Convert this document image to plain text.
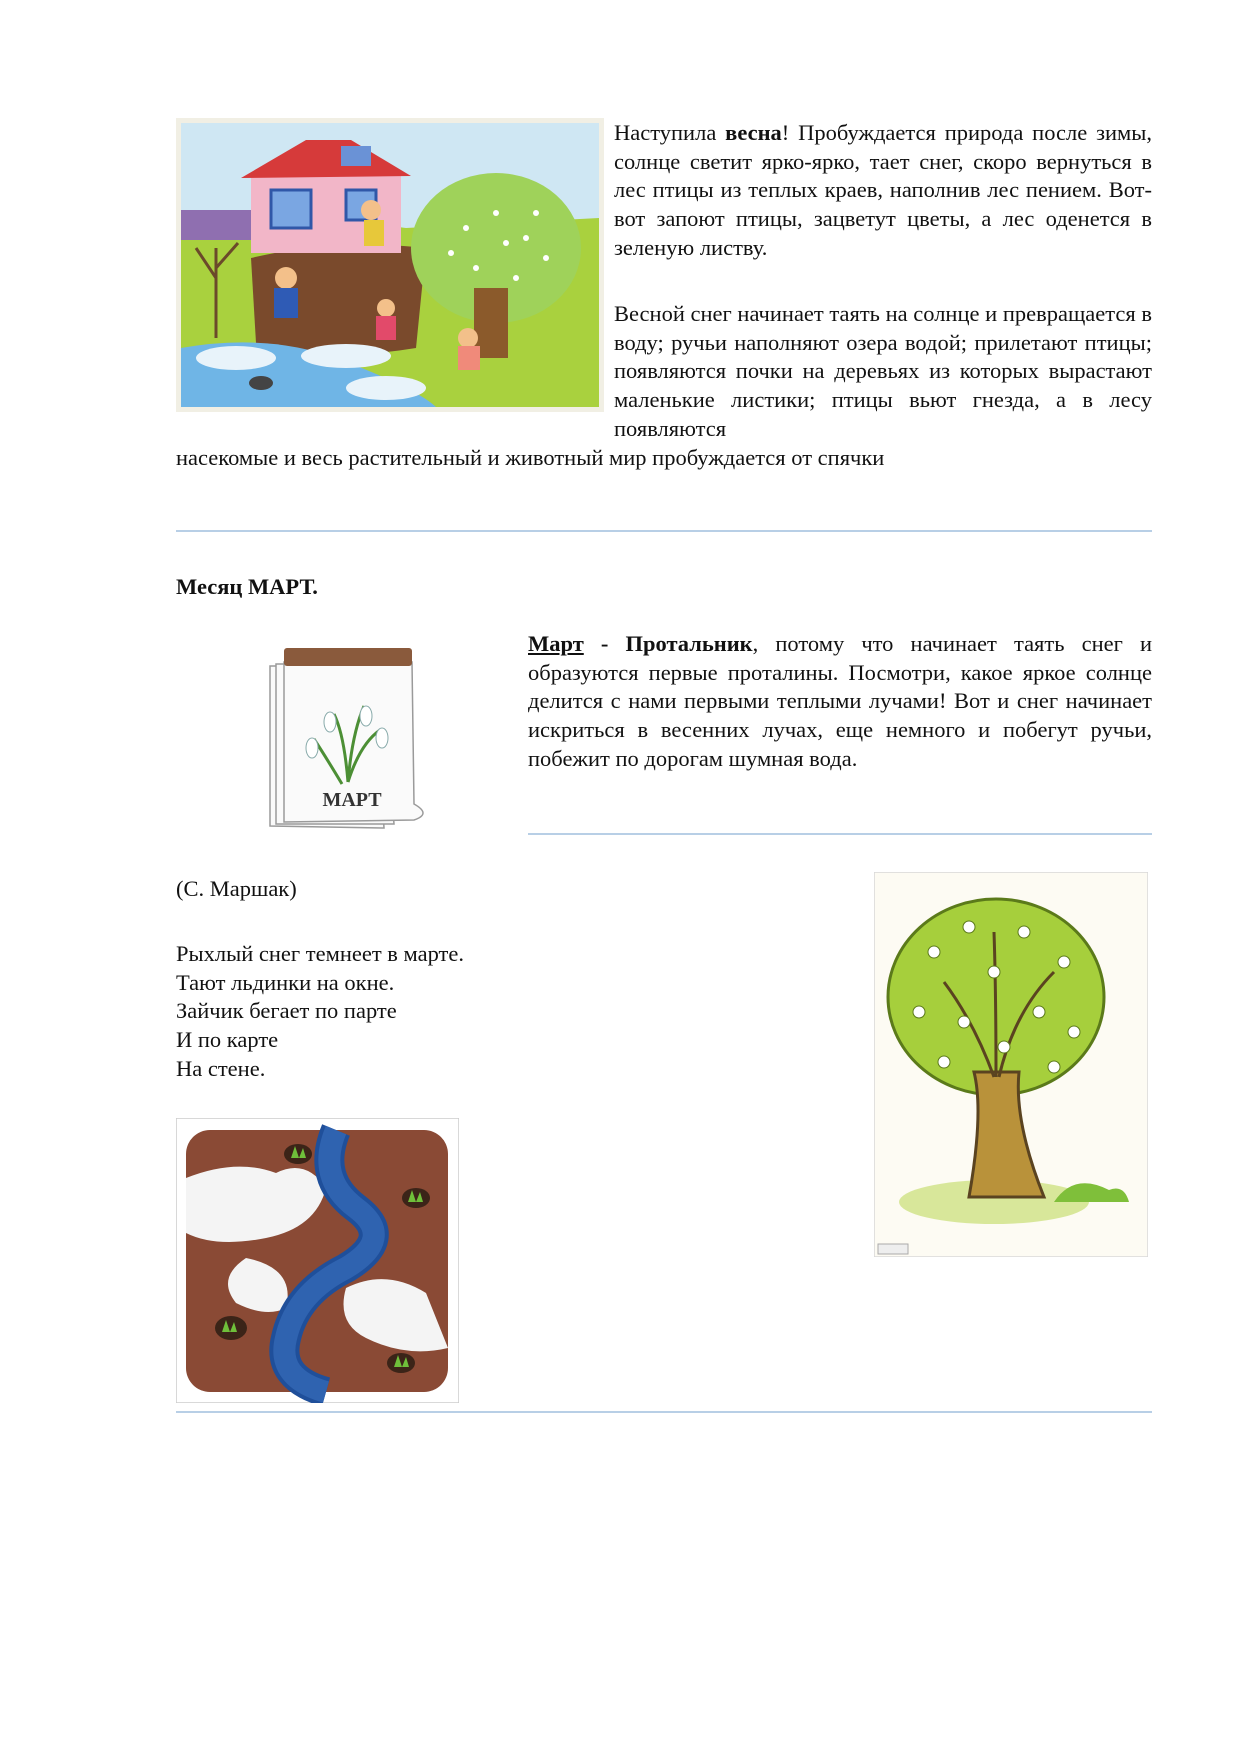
Наступила весна! Пробуждается природа после зимы, солнце светит ярко-ярко, тает снег, скоро вернуться в лес птицы из теплых краев, наполнив лес пением. Вот-вот запоют птицы, зацветут цветы, а лес оденется в зеленую листву.
Весной снег начинает таять на солнце и превращается в воду; ручьи наполняют озера водой; прилетают птицы; появляются почки на деревьях из которых вырастают маленькие листики; птицы вьют гнезда, а в лесу появляются
насекомые и весь растительный и животный мир пробуждается от спячки
Месяц МАРТ.
МАРТ
Март - Протальник, потому что начинает таять снег и образуются первые проталины. Посмотри, какое яркое солнце делится с нами первыми теплыми лучами! Вот и снег начинает искриться в весенних лучах, еще немного и побегут ручьи, побежит по дорогам шумная вода.
(С. Маршак)
Рыхлый снег темнеет в марте.
Тают льдинки на окне.
Зайчик бегает по парте
И по карте
На стене.
